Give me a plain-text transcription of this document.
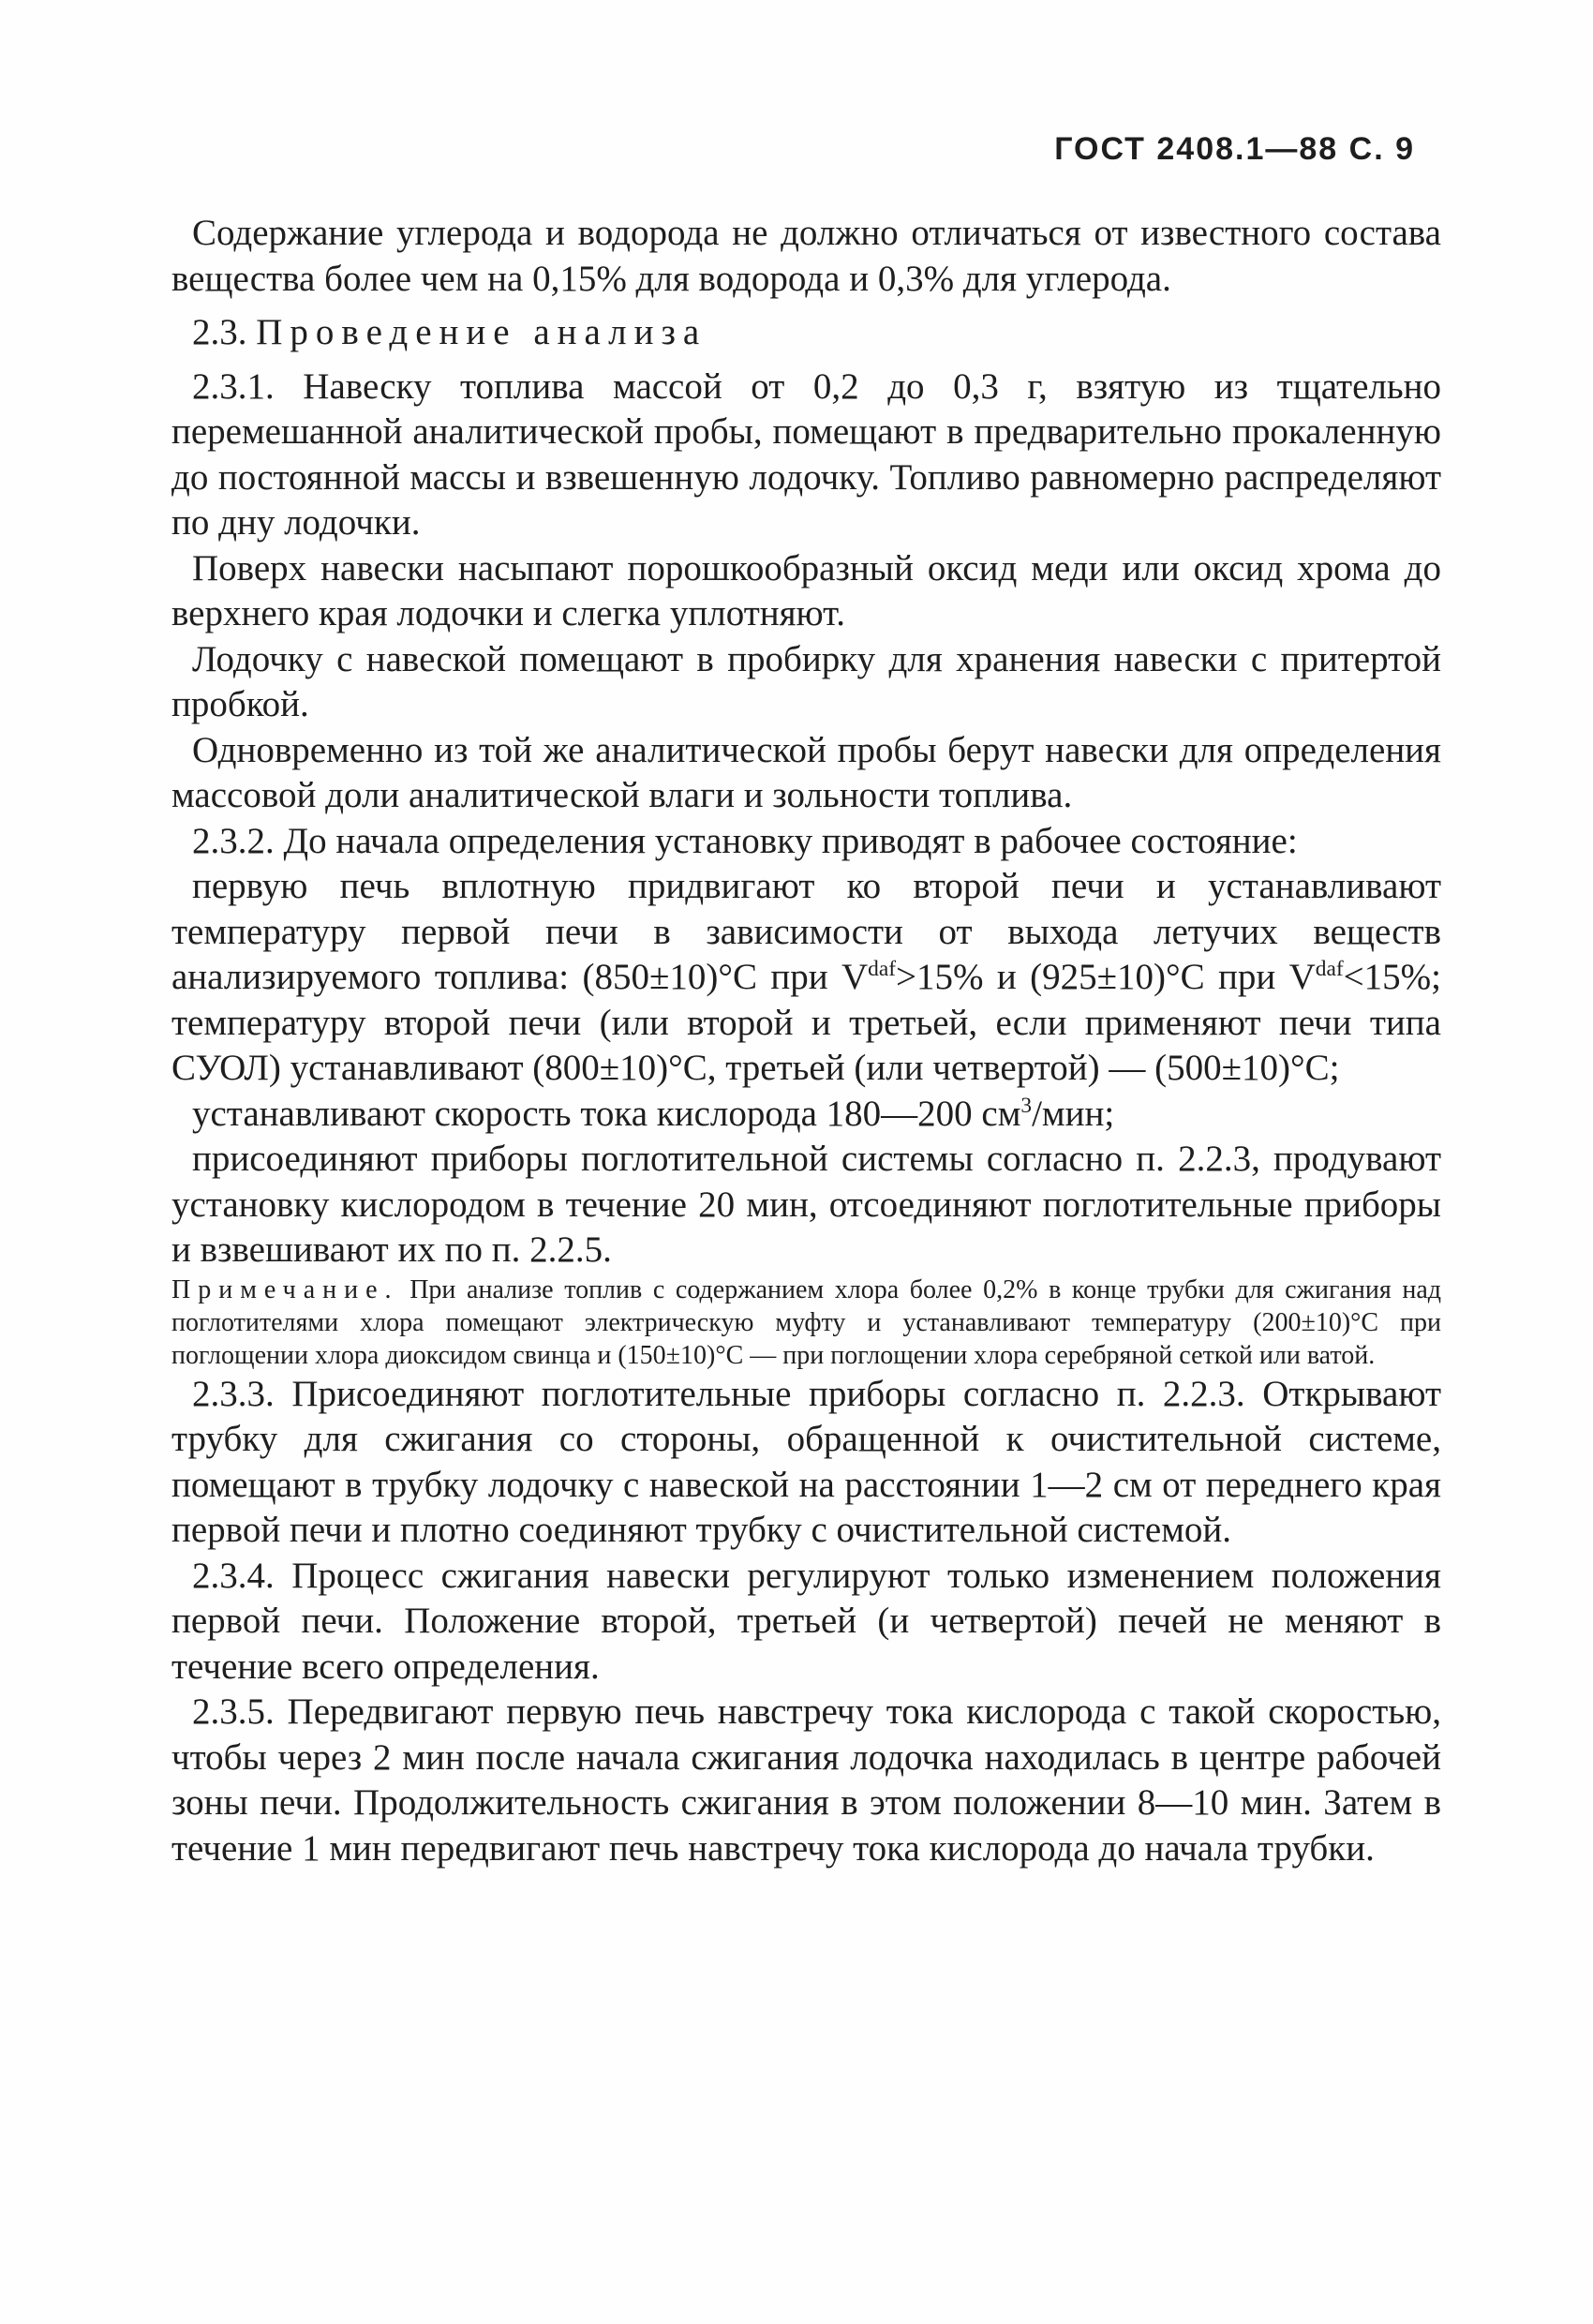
ГОСТ 2408.1—88 С. 9

Содержание углерода и водорода не должно отличаться от известного состава вещества более чем на 0,15% для водорода и 0,3% для углерода.

2.3. Проведение анализа

2.3.1. Навеску топлива массой от 0,2 до 0,3 г, взятую из тщательно перемешанной аналитической пробы, помещают в предварительно прокаленную до постоянной массы и взвешенную лодочку. Топливо равномерно распределяют по дну лодочки.

Поверх навески насыпают порошкообразный оксид меди или оксид хрома до верхнего края лодочки и слегка уплотняют.

Лодочку с навеской помещают в пробирку для хранения навески с притертой пробкой.

Одновременно из той же аналитической пробы берут навески для определения массовой доли аналитической влаги и зольности топлива.

2.3.2. До начала определения установку приводят в рабочее состояние:

первую печь вплотную придвигают ко второй печи и устанавливают температуру первой печи в зависимости от выхода летучих веществ анализируемого топлива: (850±10)°С при $V^{daf}>15\%$ и (925±10)°С при $V^{daf}<15\%$; температуру второй печи (или второй и третьей, если применяют печи типа СУОЛ) устанавливают (800±10)°С, третьей (или четвертой) — (500±10)°С;

устанавливают скорость тока кислорода 180—200 $см^3$/мин;

присоединяют приборы поглотительной системы согласно п. 2.2.3, продувают установку кислородом в течение 20 мин, отсоединяют поглотительные приборы и взвешивают их по п. 2.2.5.

Примечание. При анализе топлив с содержанием хлора более 0,2% в конце трубки для сжигания над поглотителями хлора помещают электрическую муфту и устанавливают температуру (200±10)°С при поглощении хлора диоксидом свинца и (150±10)°С — при поглощении хлора серебряной сеткой или ватой.

2.3.3. Присоединяют поглотительные приборы согласно п. 2.2.3. Открывают трубку для сжигания со стороны, обращенной к очистительной системе, помещают в трубку лодочку с навеской на расстоянии 1—2 см от переднего края первой печи и плотно соединяют трубку с очистительной системой.

2.3.4. Процесс сжигания навески регулируют только изменением положения первой печи. Положение второй, третьей (и четвертой) печей не меняют в течение всего определения.

2.3.5. Передвигают первую печь навстречу тока кислорода с такой скоростью, чтобы через 2 мин после начала сжигания лодочка находилась в центре рабочей зоны печи. Продолжительность сжигания в этом положении 8—10 мин. Затем в течение 1 мин передвигают печь навстречу тока кислорода до начала трубки.
